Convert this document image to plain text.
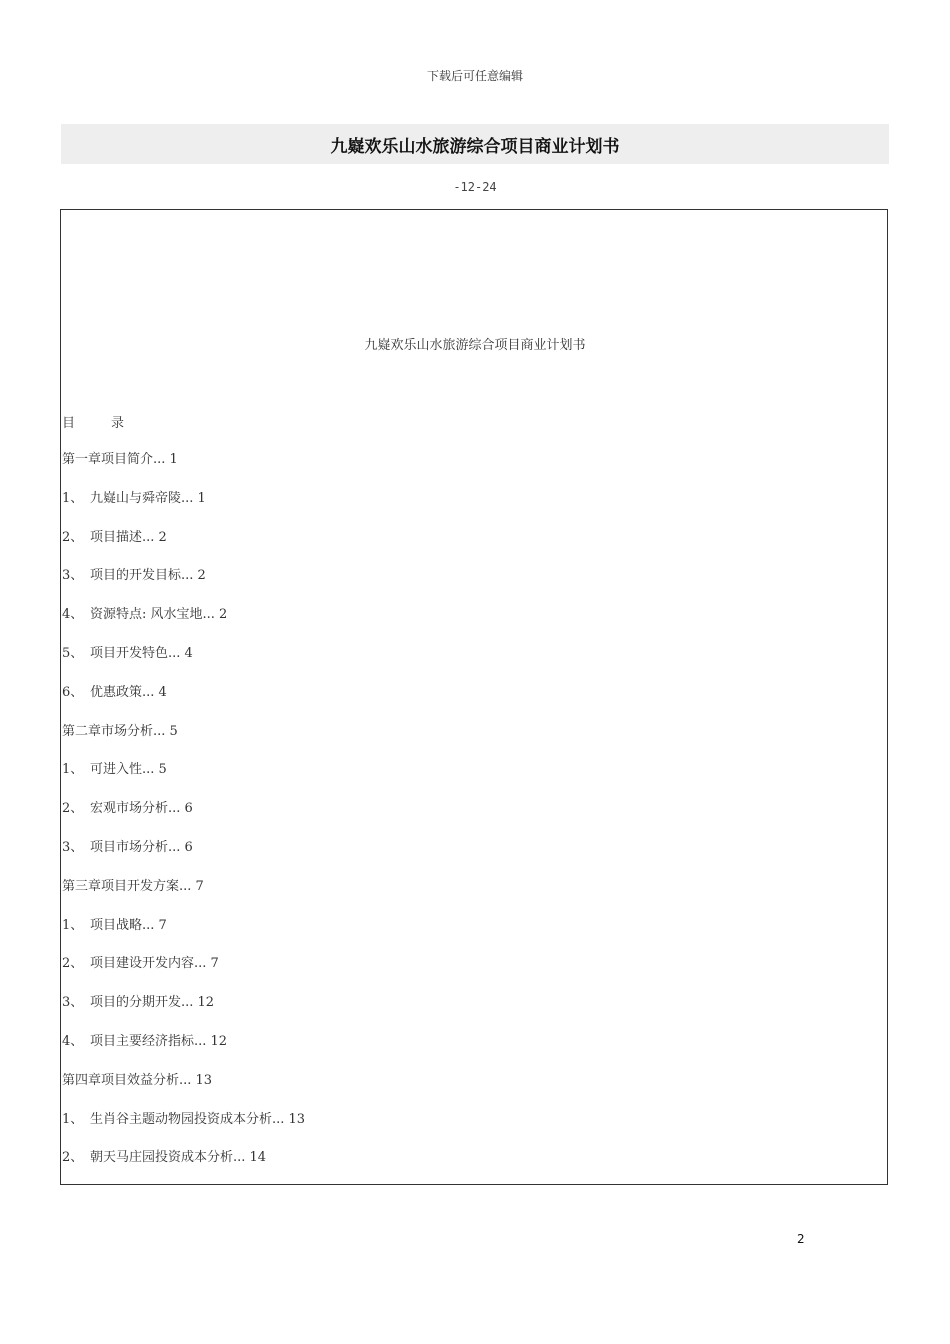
下载后可任意编辑
九嶷欢乐山水旅游综合项目商业计划书
-12-24
九嶷欢乐山水旅游综合项目商业计划书
目	录
第一章项目简介... 1
1、 九嶷山与舜帝陵... 1
2、 项目描述... 2
3、 项目的开发目标... 2
4、 资源特点: 风水宝地... 2
5、 项目开发特色... 4
6、 优惠政策... 4
第二章市场分析... 5
1、 可进入性... 5
2、 宏观市场分析... 6
3、 项目市场分析... 6
第三章项目开发方案... 7
1、 项目战略... 7
2、 项目建设开发内容... 7
3、 项目的分期开发... 12
4、 项目主要经济指标... 12
第四章项目效益分析... 13
1、 生肖谷主题动物园投资成本分析... 13
2、 朝天马庄园投资成本分析... 14
2
